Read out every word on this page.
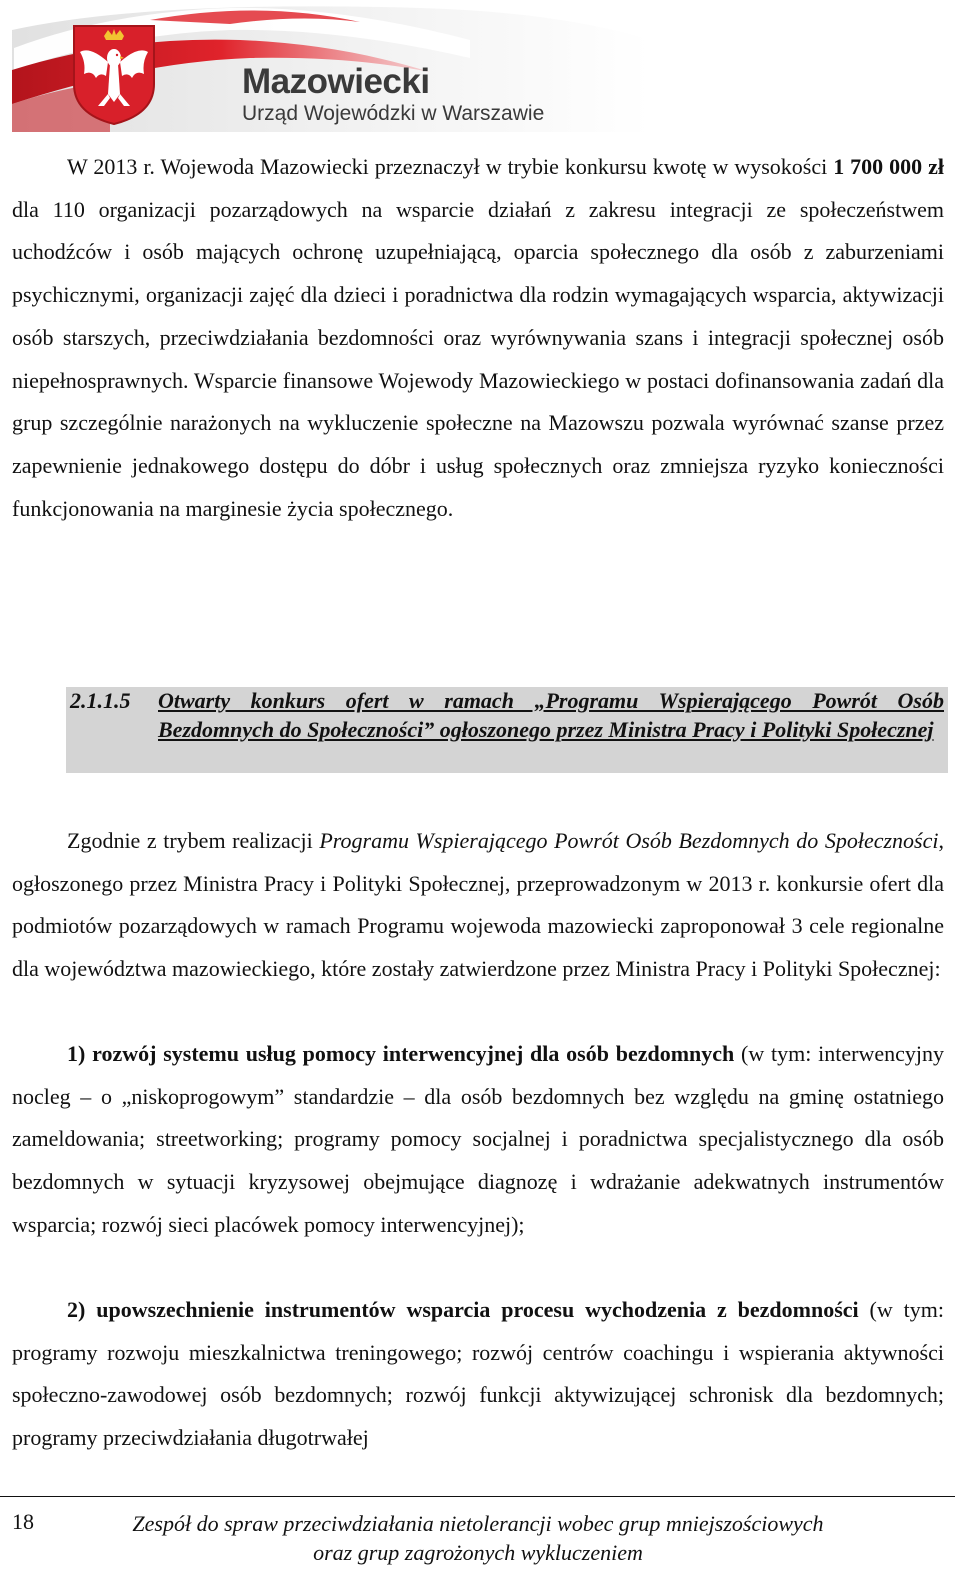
Mazowiecki
Urząd Wojewódzki w Warszawie
W 2013 r. Wojewoda Mazowiecki przeznaczył w trybie konkursu kwotę w wysokości 1 700 000 zł dla 110 organizacji pozarządowych na wsparcie działań z zakresu integracji ze społeczeństwem uchodźców i osób mających ochronę uzupełniającą, oparcia społecznego dla osób z zaburzeniami psychicznymi, organizacji zajęć dla dzieci i poradnictwa dla rodzin wymagających wsparcia, aktywizacji osób starszych, przeciwdziałania bezdomności oraz wyrównywania szans i integracji społecznej osób niepełnosprawnych. Wsparcie finansowe Wojewody Mazowieckiego w postaci dofinansowania zadań dla grup szczególnie narażonych na wykluczenie społeczne na Mazowszu pozwala wyrównać szanse przez zapewnienie jednakowego dostępu do dóbr i usług społecznych oraz zmniejsza ryzyko konieczności funkcjonowania na marginesie życia społecznego.
2.1.1.5 Otwarty konkurs ofert w ramach „Programu Wspierającego Powrót Osób Bezdomnych do Społeczności” ogłoszonego przez Ministra Pracy i Polityki Społecznej
Zgodnie z trybem realizacji Programu Wspierającego Powrót Osób Bezdomnych do Społeczności, ogłoszonego przez Ministra Pracy i Polityki Społecznej, przeprowadzonym w 2013 r. konkursie ofert dla podmiotów pozarządowych w ramach Programu wojewoda mazowiecki zaproponował 3 cele regionalne dla województwa mazowieckiego, które zostały zatwierdzone przez Ministra Pracy i Polityki Społecznej:
1) rozwój systemu usług pomocy interwencyjnej dla osób bezdomnych (w tym: interwencyjny nocleg – o „niskoprogowym” standardzie – dla osób bezdomnych bez względu na gminę ostatniego zameldowania; streetworking; programy pomocy socjalnej i poradnictwa specjalistycznego dla osób bezdomnych w sytuacji kryzysowej obejmujące diagnozę i wdrażanie adekwatnych instrumentów wsparcia; rozwój sieci placówek pomocy interwencyjnej);
2) upowszechnienie instrumentów wsparcia procesu wychodzenia z bezdomności (w tym: programy rozwoju mieszkalnictwa treningowego; rozwój centrów coachingu i wspierania aktywności społeczno-zawodowej osób bezdomnych; rozwój funkcji aktywizującej schronisk dla bezdomnych; programy przeciwdziałania długotrwałej
18	Zespół do spraw przeciwdziałania nietolerancji wobec grup mniejszościowych
oraz grup zagrożonych wykluczeniem
